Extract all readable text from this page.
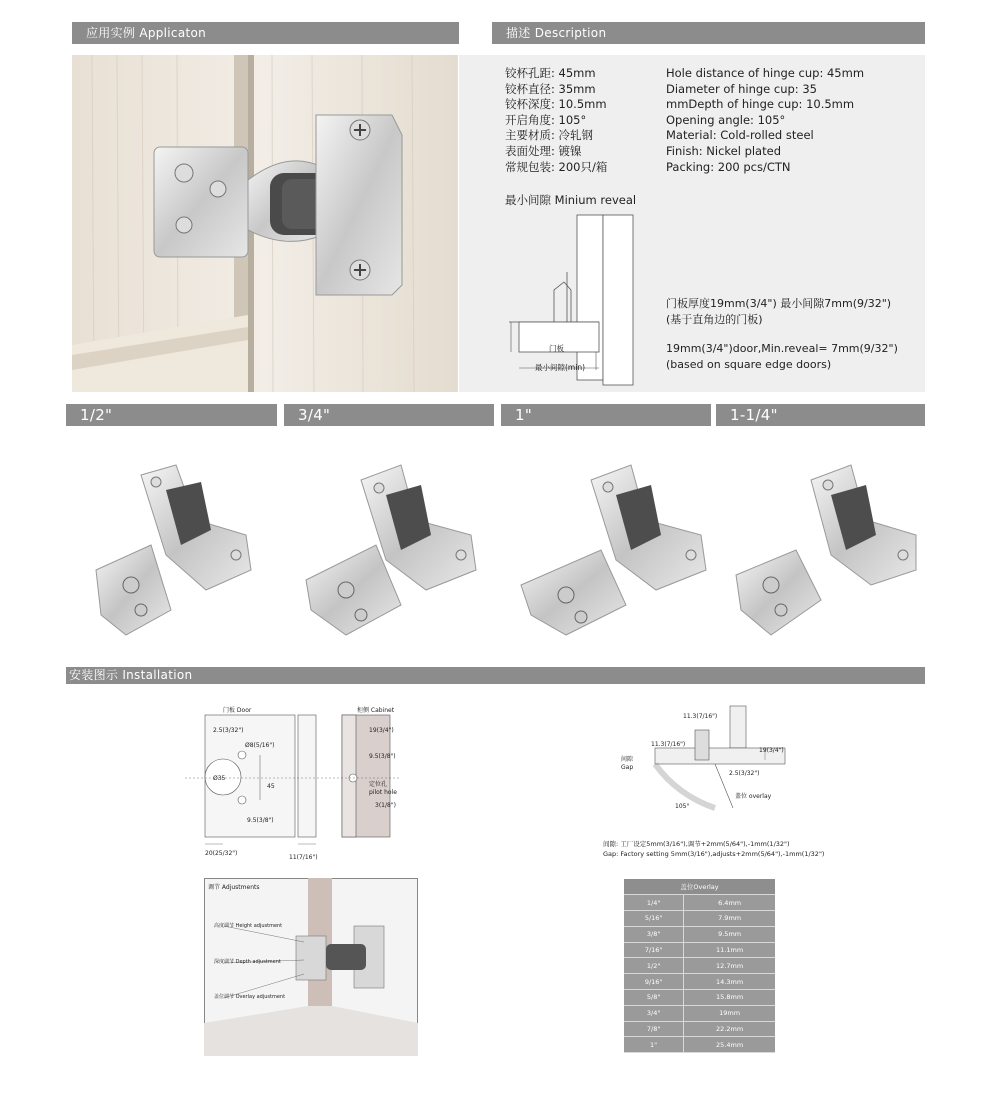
应用实例 Applicaton	描述 Description
铰杯孔距: 45mm
铰杯直径: 35mm
铰杯深度: 10.5mm
开启角度: 105°
主要材质: 冷轧钢
表面处理: 镀镍
常规包装: 200只/箱
Hole distance of hinge cup: 45mm
Diameter of hinge cup: 35
mmDepth of hinge cup: 10.5mm
Opening angle: 105°
Material: Cold-rolled steel
Finish: Nickel plated
Packing: 200 pcs/CTN
最小间隙 Minium reveal
门板
最小间隙(min)
门板厚度19mm(3/4") 最小间隙7mm(9/32")
(基于直角边的门板)
19mm(3/4")door,Min.reveal= 7mm(9/32")
(based on square edge doors)
1/2"	3/4"	1"	1-1/4"
安装图示 Installation
门板 Door	柜侧 Cabinet
2.5(3/32")
Ø8(5/16")
Ø35
45
9.5(3/8")
20(25/32")
11(7/16")
19(3/4")
9.5(3/8")
定位孔
pilot hole
3(1/8")
调节 Adjustments
高度调节 Height adjustment
深度调节 Depth adjustment
盖位调节 Overlay adjustment
11.3(7/16")
11.3(7/16")
19(3/4")
间隙
Gap
2.5(3/32")
盖位 overlay
105°
间隙: 工厂设定5mm(3/16"),调节+2mm(5/64"),-1mm(1/32")
Gap: Factory setting 5mm(3/16"),adjusts+2mm(5/64"),-1mm(1/32")
盖位Overlay	
1/4"	6.4mm
5/16"	7.9mm
3/8"	9.5mm
7/16"	11.1mm
1/2"	12.7mm
9/16"	14.3mm
5/8"	15.8mm
3/4"	19mm
7/8"	22.2mm
1"	25.4mm
